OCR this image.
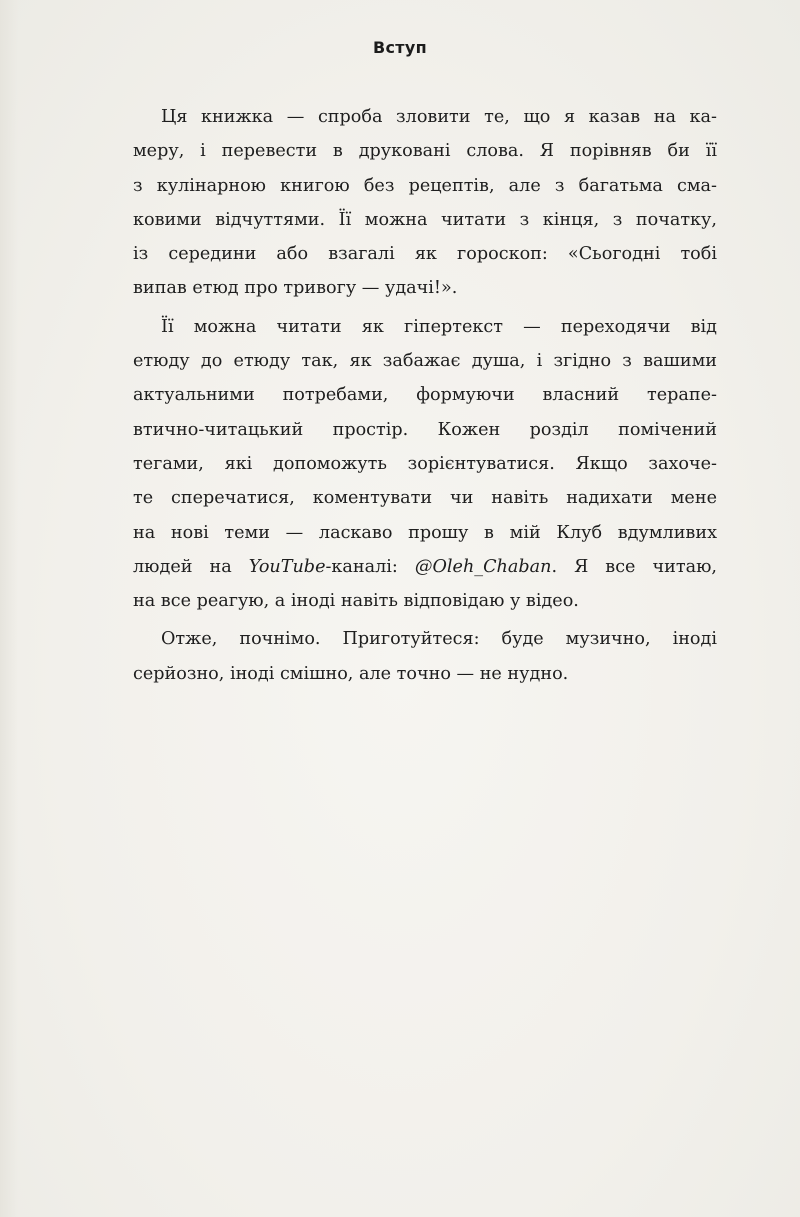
Вступ
Ця книжка — спроба зловити те, що я казав на ка-
меру, і перевести в друковані слова. Я порівняв би її
з кулінарною книгою без рецептів, але з багатьма сма-
ковими відчуттями. Її можна читати з кінця, з початку,
із середини або взагалі як гороскоп: «Сьогодні тобі
випав етюд про тривогу — удачі!».
Її можна читати як гіпертекст — переходячи від
етюду до етюду так, як забажає душа, і згідно з вашими
актуальними потребами, формуючи власний терапе-
втично-читацький простір. Кожен розділ помічений
тегами, які допоможуть зорієнтуватися. Якщо захоче-
те сперечатися, коментувати чи навіть надихати мене
на нові теми — ласкаво прошу в мій Клуб вдумливих
людей на YouTube-каналі: @Oleh_Chaban. Я все читаю,
на все реагую, а іноді навіть відповідаю у відео.
Отже, почнімо. Приготуйтеся: буде музично, іноді
серйозно, іноді смішно, але точно — не нудно.
